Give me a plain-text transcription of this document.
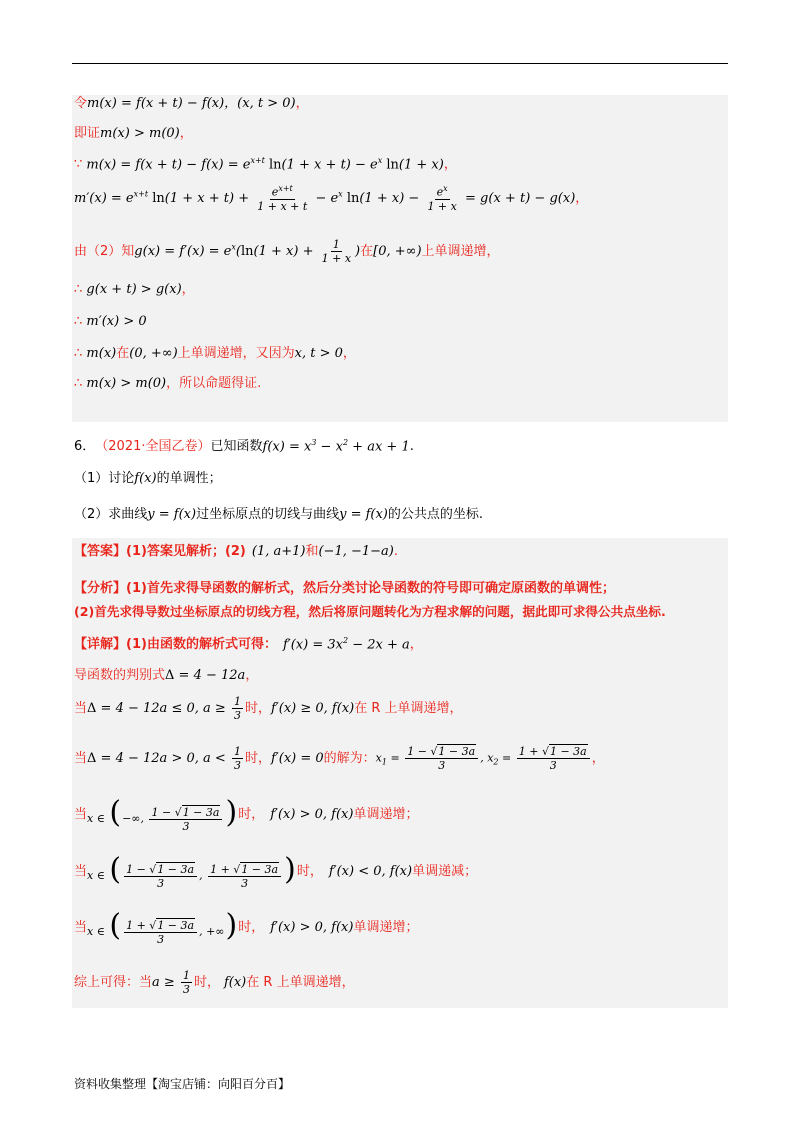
令 m(x) = f(x + t) − f(x)，(x, t > 0) ，
即证 m(x) > m(0) ，
∵ $m(x) = f(x + t) - f(x) = e^{x+t}$ $\ln(1 + x + t) - e^x$ ln(1 + x) ，
$m'(x) = e^{x+t}$ $\ln(1 + x + t) + \frac{e^{x+t}}{1 + x + t} - e^x$ $\ln(1 + x) - \frac{e^x}{1 + x} = g(x + t) - g(x)$ ，
由（2）知 $g(x) = f'(x) = e^x(\ln(1 + x) + \frac{1}{1 + x}$ ) 在 [0, +∞) 上单调递增，
∴ g(x + t) > g(x) ，
∴ m′(x) > 0
∴ m(x) 在 (0, +∞) 上单调递增，又因为 x, t > 0 ，
∴ m(x) > m(0) ，所以命题得证.
6． （2021·全国乙卷） 已知函数 $f(x) = x^3 - x^2$ + ax + 1 .
（1）讨论 f(x) 的单调性；
（2）求曲线 y = f(x) 过坐标原点的切线与曲线 y = f(x) 的公共点的坐标.
【答案】 (1)答案见解析；(2) (1, a+1) 和 (−1, −1−a) .
【分析】 (1)首先求得导函数的解析式，然后分类讨论导函数的符号即可确定原函数的单调性；
(2)首先求得导数过坐标原点的切线方程，然后将原问题转化为方程求解的问题，据此即可求得公共点坐标.
【详解】 (1)由函数的解析式可得： $f'(x) = 3x^2 - 2x + a$ ，
导函数的判别式 Δ = 4 − 12a ，
当 Δ = 4 − 12a ≤ 0, $a \ge \frac{1}{3}$ 时， f′(x) ≥ 0, f(x) 在 R 上单调递增，
当 Δ = 4 − 12a > 0, $a < \frac{1}{3}$ 时， f′(x) = 0 的解为： $x_1 = \frac{1 - √1 - 3a}{3}$ , $x_2 = \frac{1 + √1 - 3a}{3}$ ，
当 x ∈ (−∞, $\frac{1 - √1 - 3a}{3}$ ) 时， f′(x) > 0, f(x) 单调递增；
当 x ∈ ( $\frac{1 - √1 - 3a}{3}$ , $\frac{1 + √1 - 3a}{3}$ ) 时， f′(x) < 0, f(x) 单调递减；
当 x ∈ ( $\frac{1 + √1 - 3a}{3}$ , +∞) 时， f′(x) > 0, f(x) 单调递增；
综上可得：当 $a \ge \frac{1}{3}$ 时， f(x) 在 R 上单调递增，
资料收集整理【淘宝店铺：向阳百分百】
